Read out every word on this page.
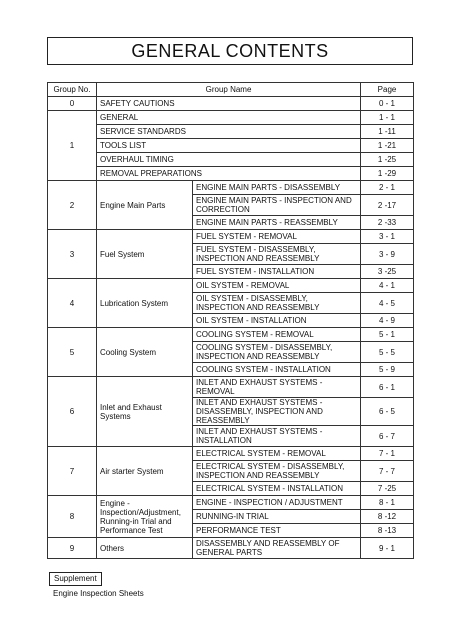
GENERAL CONTENTS
Group No.	Group Name		Page
0	SAFETY CAUTIONS		0 - 1
1	GENERAL		1 - 1
	SERVICE STANDARDS		1 -11
	TOOLS LIST		1 -21
	OVERHAUL TIMING		1 -25
	REMOVAL PREPARATIONS		1 -29
2	Engine Main Parts	ENGINE MAIN PARTS - DISASSEMBLY	2 - 1
		ENGINE MAIN PARTS - INSPECTION AND CORRECTION	2 -17
		ENGINE MAIN PARTS - REASSEMBLY	2 -33
3	Fuel System	FUEL SYSTEM - REMOVAL	3 - 1
		FUEL SYSTEM - DISASSEMBLY, INSPECTION AND REASSEMBLY	3 - 9
		FUEL SYSTEM - INSTALLATION	3 -25
4	Lubrication System	OIL SYSTEM - REMOVAL	4 - 1
		OIL SYSTEM - DISASSEMBLY, INSPECTION AND REASSEMBLY	4 - 5
		OIL SYSTEM - INSTALLATION	4 - 9
5	Cooling System	COOLING SYSTEM - REMOVAL	5 - 1
		COOLING SYSTEM - DISASSEMBLY, INSPECTION AND REASSEMBLY	5 - 5
		COOLING SYSTEM - INSTALLATION	5 - 9
6	Inlet and Exhaust Systems	INLET AND EXHAUST SYSTEMS - REMOVAL	6 - 1
		INLET AND EXHAUST SYSTEMS - DISASSEMBLY, INSPECTION AND REASSEMBLY	6 - 5
		INLET AND EXHAUST SYSTEMS - INSTALLATION	6 - 7
7	Air starter System	ELECTRICAL SYSTEM - REMOVAL	7 - 1
		ELECTRICAL SYSTEM - DISASSEMBLY, INSPECTION AND REASSEMBLY	7 - 7
		ELECTRICAL SYSTEM - INSTALLATION	7 -25
8	Engine - Inspection/Adjustment, Running-in Trial and Performance Test	ENGINE - INSPECTION / ADJUSTMENT	8 - 1
		RUNNING-IN TRIAL	8 -12
		PERFORMANCE TEST	8 -13
9	Others	DISASSEMBLY AND REASSEMBLY OF GENERAL PARTS	9 - 1
Supplement
Engine Inspection Sheets
